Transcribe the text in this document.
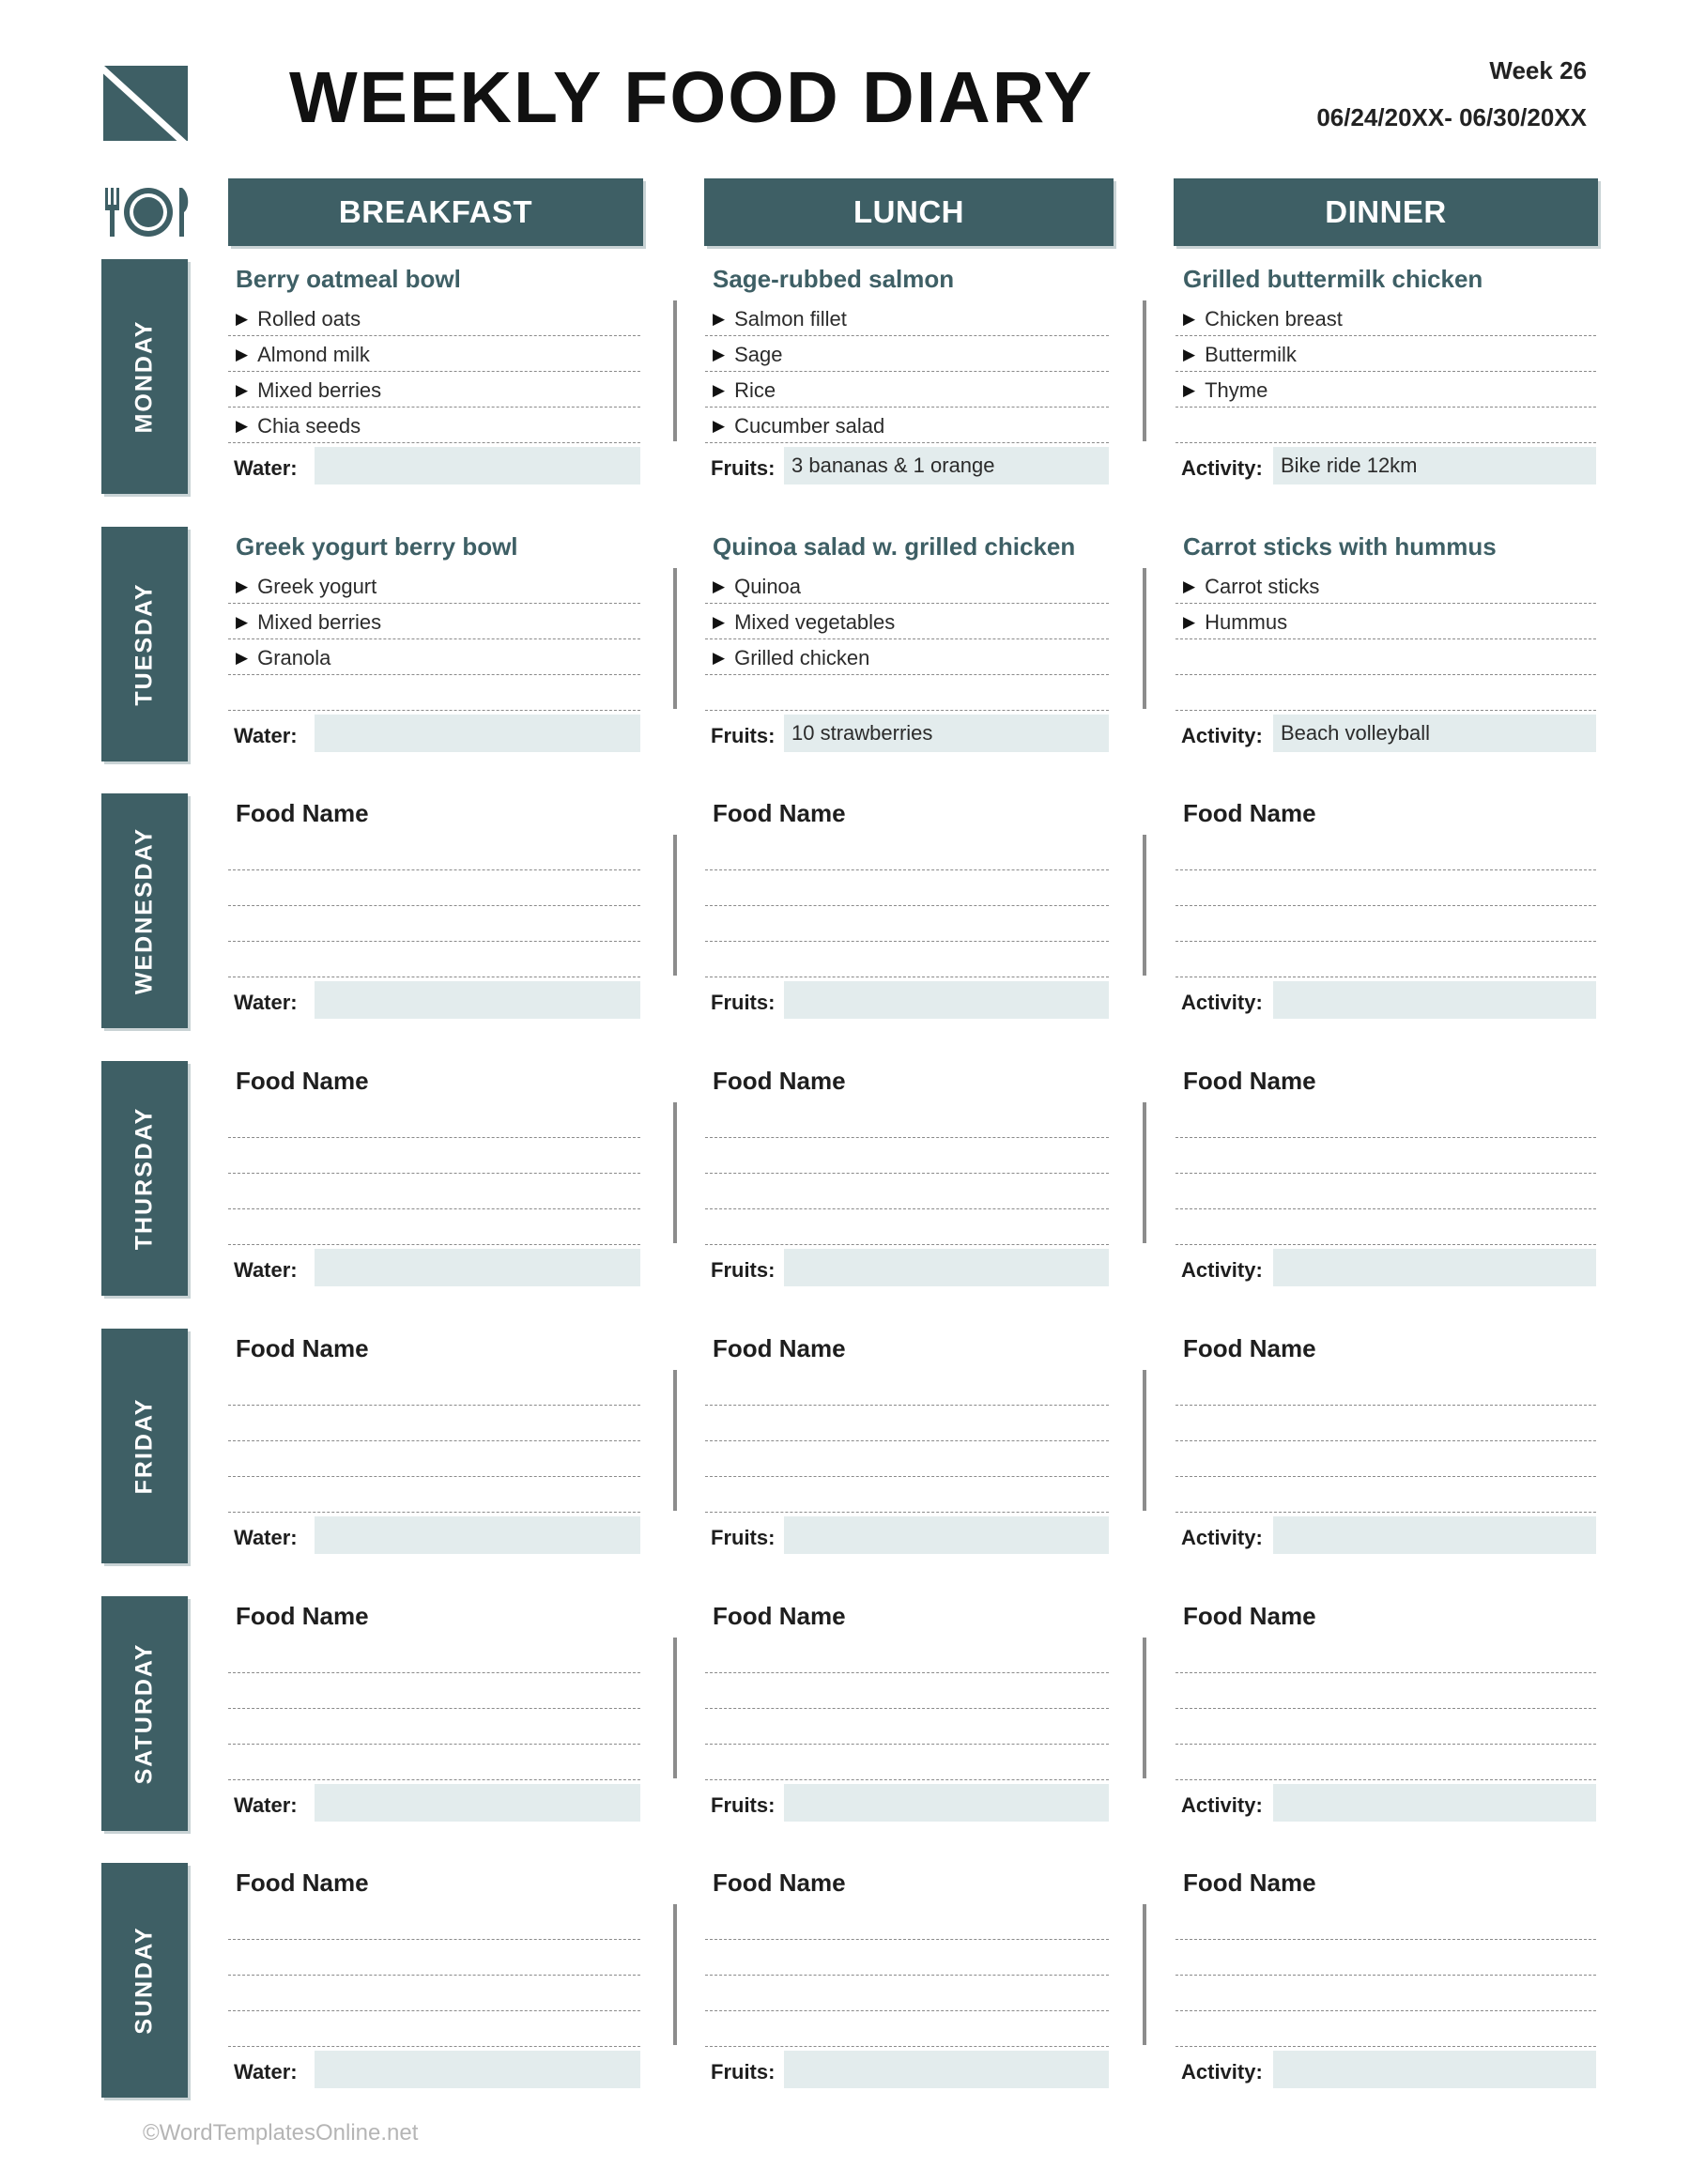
WEEKLY FOOD DIARY	Week 26
06/24/20XX- 06/30/20XX
BREAKFAST	LUNCH	DINNER
MONDAY
Berry oatmeal bowl
▶ Rolled oats
▶ Almond milk
▶ Mixed berries
▶ Chia seeds
Water:
Sage-rubbed salmon
▶ Salmon fillet
▶ Sage
▶ Rice
▶ Cucumber salad
Fruits: 3 bananas & 1 orange
Grilled buttermilk chicken
▶ Chicken breast
▶ Buttermilk
▶ Thyme
Activity: Bike ride 12km
TUESDAY
Greek yogurt berry bowl
▶ Greek yogurt
▶ Mixed berries
▶ Granola
Water:
Quinoa salad w. grilled chicken
▶ Quinoa
▶ Mixed vegetables
▶ Grilled chicken
Fruits: 10 strawberries
Carrot sticks with hummus
▶ Carrot sticks
▶ Hummus
Activity: Beach volleyball
WEDNESDAY
Food Name
Water:
Food Name
Fruits:
Food Name
Activity:
THURSDAY
Food Name
Water:
Food Name
Fruits:
Food Name
Activity:
FRIDAY
Food Name
Water:
Food Name
Fruits:
Food Name
Activity:
SATURDAY
Food Name
Water:
Food Name
Fruits:
Food Name
Activity:
SUNDAY
Food Name
Water:
Food Name
Fruits:
Food Name
Activity:
©WordTemplatesOnline.net
